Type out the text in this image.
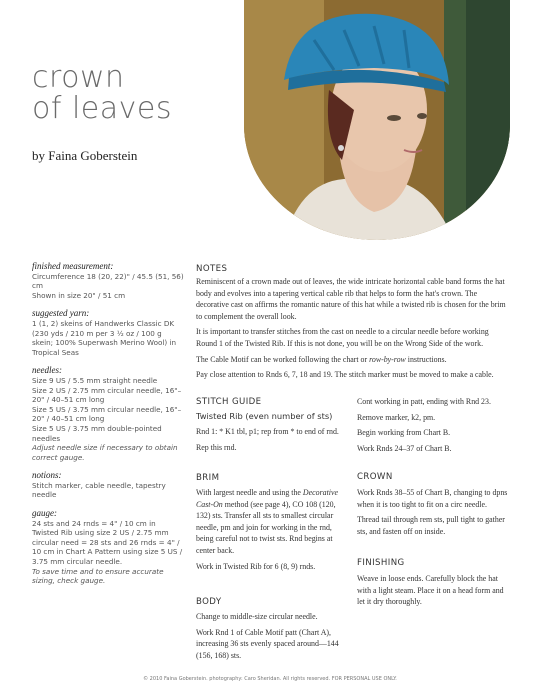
crown
of leaves
by Faina Goberstein
finished measurement:

Circumference 18 (20, 22)" / 45.5 (51, 56) cm

Shown in size 20" / 51 cm

suggested yarn:

1 (1, 2) skeins of Handwerks Classic DK (230 yds / 210 m per 3 ½ oz / 100 g skein; 100% Superwash Merino Wool) in Tropical Seas

needles:

Size 9 US / 5.5 mm straight needle

Size 2 US / 2.75 mm circular needle, 16"–20" / 40–51 cm long

Size 5 US / 3.75 mm circular needle, 16"–20" / 40–51 cm long

Size 5 US / 3.75 mm double-pointed needles

Adjust needle size if necessary to obtain correct gauge.

notions:

Stitch marker, cable needle, tapestry needle

gauge:

24 sts and 24 rnds = 4" / 10 cm in Twisted Rib using size 2 US / 2.75 mm circular need = 28 sts and 26 rnds = 4" / 10 cm in Chart A Pattern using size 5 US / 3.75 mm circular needle.

To save time and to ensure accurate sizing, check gauge.

NOTES

Reminiscent of a crown made out of leaves, the wide intricate horizontal cable band forms the hat body and evolves into a tapering vertical cable rib that helps to form the hat's crown. The decorative cast on affirms the romantic nature of this hat while a twisted rib is chosen for the brim to complement the overall look.

It is important to transfer stitches from the cast on needle to a circular needle before working Round 1 of the Twisted Rib. If this is not done, you will be on the Wrong Side of the work.

The Cable Motif can be worked following the chart or row-by-row instructions.

Pay close attention to Rnds 6, 7, 18 and 19. The stitch marker must be moved to make a cable.

STITCH GUIDE
Twisted Rib (even number of sts)

Rnd 1: * K1 tbl, p1; rep from * to end of rnd.

Rep this rnd.

BRIM

With largest needle and using the Decorative Cast-On method (see page 4), CO 108 (120, 132) sts. Transfer all sts to smallest circular needle, pm and join for working in the rnd, being careful not to twist sts. Rnd begins at center back.

Work in Twisted Rib for 6 (8, 9) rnds.

BODY

Change to middle-size circular needle.

Work Rnd 1 of Cable Motif patt (Chart A), increasing 36 sts evenly spaced around—144 (156, 168) sts.

Cont working in patt, ending with Rnd 23.

Remove marker, k2, pm.

Begin working from Chart B.

Work Rnds 24–37 of Chart B.

CROWN

Work Rnds 38–55 of Chart B, changing to dpns when it is too tight to fit on a circ needle.

Thread tail through rem sts, pull tight to gather sts, and fasten off on inside.

FINISHING

Weave in loose ends. Carefully block the hat with a light steam. Place it on a head form and let it dry thoroughly.

© 2010 Faina Goberstein. photography: Caro Sheridan. All rights reserved. FOR PERSONAL USE ONLY.
